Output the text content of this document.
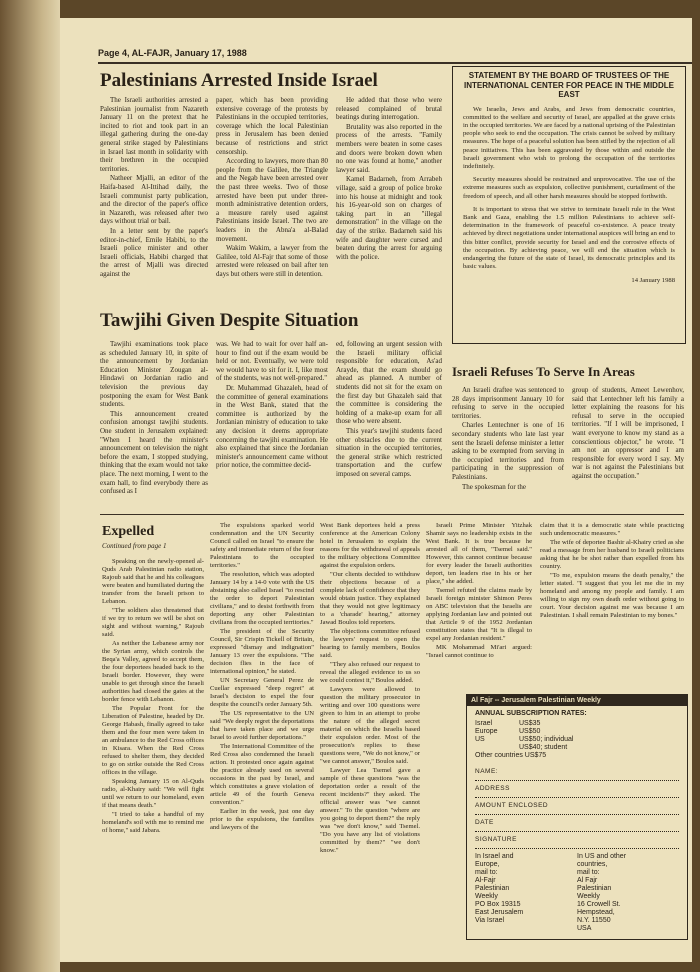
Page 4, AL-FAJR, January 17, 1988
Palestinians Arrested Inside Israel

The Israeli authorities arrested a Palestinian journalist from Nazareth January 11 on the pretext that he incited to riot and took part in an illegal gathering during the one-day general strike staged by Palestinians in Israel last month in solidarity with their brethren in the occupied territories.

Natheer Mjalli, an editor of the Haifa-based Al-Ittihad daily, the Israeli communist party publication, and the director of the paper's office in Nazareth, was released after two days without trial or bail.

In a letter sent by the paper's editor-in-chief, Emile Habibi, to the Israeli police minister and other Israeli officials, Habibi charged that the arrest of Mjalli was directed against the

paper, which has been providing extensive coverage of the protests by Palestinians in the occupied territories, coverage which the local Palestinian press in Jerusalem has been denied because of restrictions and strict censorship.

According to lawyers, more than 80 people from the Galilee, the Triangle and the Negab have been arrested over the past three weeks. Two of those arrested have been put under three-month administrative detention orders, a measure rarely used against Palestinians inside Israel. The two are leaders in the Abna'a al-Balad movement.

Wakim Wakim, a lawyer from the Galilee, told Al-Fajr that some of those arrested were released on bail after ten days but others were still in detention.

He added that those who were released complained of brutal beatings during interrogation.

Brutality was also reported in the process of the arrests. "Family members were beaten in some cases and doors were broken down when no one was found at home," another lawyer said.

Kamel Badarneh, from Arrabeh village, said a group of police broke into his house at midnight and took his 16-year-old son on charges of taking part in an "illegal demonstration" in the village on the day of the strike. Badarneh said his wife and daughter were cursed and beaten during the arrest for arguing with the police.

STATEMENT BY THE BOARD OF TRUSTEES OF THE INTERNATIONAL CENTER FOR PEACE IN THE MIDDLE EAST

We Israelis, Jews and Arabs, and Jews from democratic countries, committed to the welfare and security of Israel, are appalled at the grave crisis in the occupied territories. We are faced by a national uprising of the Palestinian people who seek to end the occupation. The crisis cannot be solved by military measures. The hope of a peaceful solution has been stifled by the rejection of all peace initiatives. This has been aggravated by those within and outside the Israeli government who wish to prolong the occupation of the territories indefinitely.

Security measures should be restrained and unprovocative. The use of the extreme measures such as expulsion, collective punishment, curtailment of the freedom of speech, and all other harsh measures should be stopped forthwith.

It is important to stress that we strive to terminate Israeli rule in the West Bank and Gaza, enabling the 1.5 million Palestinians to achieve self-determination in the framework of peaceful co-existence. A peace treaty achieved by direct negotiations under international auspices will bring an end to this bitter conflict, provide security for Israel and end the corrosive effects of the occupation. By achieving peace, we will end the situation which is endangering the future of the state of Israel, its democratic principles and its basic values.

14 January 1988
Tawjihi Given Despite Situation

Tawjihi examinations took place as scheduled January 10, in spite of the announcement by Jordanian Education Minister Zougan al-Hindawi on Jordanian radio and television the previous day postponing the exam for West Bank students.

This announcement created confusion amongst tawjihi students. One student in Jerusalem explained: "When I heard the minister's announcement on television the night before the exam, I stopped studying, thinking that the exam would not take place. The next morning, I went to the exam hall, to find everybody there as confused as I

was. We had to wait for over half an-hour to find out if the exam would be held or not. Eventually, we were told we would have to sit for it. I, like most of the students, was not well-prepared."

Dr. Muhammad Ghazaleh, head of the committee of general examinations in the West Bank, stated that the committee is authorized by the Jordanian ministry of education to take any decision it deems appropriate concerning the tawjihi examination. He also explained that since the Jordanian minister's announcement came without prior notice, the committee decid-

ed, following an urgent session with the Israeli military official responsible for education, As'ad Arayde, that the exam should go ahead as planned. A number of students did not sit for the exam on the first day but Ghazaleh said that the committee is considering the holding of a make-up exam for all those who were absent.

This year's tawjihi students faced other obstacles due to the current situation in the occupied territories, the general strike which restricted transportation and the curfew imposed on several camps.

Israeli Refuses To Serve In Areas

An Israeli draftee was sentenced to 28 days imprisonment January 10 for refusing to serve in the occupied territories.

Charles Lentechner is one of 16 secondary students who late last year sent the Israeli defense minister a letter asking to be exempted from serving in the occupied territories and from participating in the suppression of Palestinians.

The spokesman for the

group of students, Ameet Lewenhov, said that Lentechner left his family a letter explaining the reasons for his refusal to serve in the occupied territories. "If I will be imprisoned, I want everyone to know my stand as a conscientious objector," he wrote. "I am not an oppressor and I am responsible for every word I say. My war is not against the Palestinians but against the occupation."

Expelled
Continued from page 1

Speaking on the newly-opened al-Quds Arab Palestinian radio station, Rajoub said that he and his colleagues were beaten and humiliated during the transfer from the Israeli prison to Lebanon.

"The soldiers also threatened that if we try to return we will be shot on sight and without warning," Rajoub said.

As neither the Lebanese army nor the Syrian army, which controls the Beqa'a Valley, agreed to accept them, the four deportees headed back to the Israeli border. However, they were unable to get through since the Israeli authorities had closed the gates at the border fence with Lebanon.

The Popular Front for the Liberation of Palestine, headed by Dr. George Habash, finally agreed to take them and the four men were taken in an ambulance to the Red Cross offices in Kisara. When the Red Cross refused to shelter them, they decided to go on strike outside the Red Cross offices in the village.

Speaking January 15 on Al-Quds radio, al-Khairy said: "We will fight until we return to our homeland, even if that means death."

"I tried to take a handful of my homeland's soil with me to remind me of home," said Jabara.

The expulsions sparked world condemnation and the UN Security Council called on Israel "to ensure the safety and immediate return of the four Palestinians to the occupied territories."

The resolution, which was adopted January 14 by a 14-0 vote with the US abstaining also called Israel "to rescind the order to deport Palestinian civilians," and to desist forthwith from deporting any other Palestinian civilians from the occupied territories."

The president of the Security Council, Sir Crispin Tickell of Britain, expressed "dismay and indignation" January 13 over the expulsions. "The decision flies in the face of international opinion," he stated.

UN Secretary General Perez de Cuellar expressed "deep regret" at Israel's decision to expel the four despite the council's order January 5th.

The US representative to the UN said "We deeply regret the deportations that have taken place and we urge Israel to avoid further deportations."

The International Committee of the Red Cross also condemned the Israeli action. It protested once again against the practice already used on several occasions in the past by Israel, and which constitutes a grave violation of article 49 of the fourth Geneva convention."

Earlier in the week, just one day prior to the expulsions, the families and lawyers of the

West Bank deportees held a press conference at the American Colony hotel in Jerusalem to explain the reasons for the withdrawal of appeals to the military objections Committee against the expulsion orders.

"Our clients decided to withdraw their objections because of a complete lack of confidence that they would obtain justice. They explained that they would not give legitimacy to a 'charade' hearing," attorney Jawad Boulos told reporters.

The objections committee refused the lawyers' request to open the hearing to family members, Boulos said.

"They also refused our request to reveal the alleged evidence to us so we could contest it," Boulos added.

Lawyers were allowed to question the military prosecutor in writing and over 100 questions were given to him in an attempt to probe the nature of the alleged secret material on which the Israelis based their expulsion order. Most of the prosecution's replies to these questions were, "We do not know," or "we cannot answer," Boulos said.

Lawyer Lea Tsemel gave a sample of these questions "was the deportation order a result of the recent incidents?" they asked. The official answer was "we cannot answer." To the question "where are you going to deport them?" the reply was "we don't know," said Tsemel. "Do you have any list of violations committed by them?" "we don't know."

Israeli Prime Minister Yitzhak Shamir says no leadership exists in the West Bank. It is true because he arrested all of them, "Tsemel said." However, this cannot continue because for every leader the Israeli authorities deport, ten leaders rise in his or her place," she added.

Tsemel refuted the claims made by Israeli foreign minister Shimon Peres on ABC television that the Israelis are applying Jordanian law and pointed out that Article 9 of the 1952 Jordanian constitution states that "It is illegal to expel any Jordanian resident."

MK Mohammad Mi'ari argued: "Israel cannot continue to

claim that it is a democratic state while practicing such undemocratic measures."

The wife of deportee Bashir al-Khairy cried as she read a message from her husband to Israeli politicians asking that he be shot rather than expelled from his country.

"To me, expulsion means the death penalty," the letter stated. "I suggest that you let me die in my homeland and among my people and family. I am willing to sign my own death order without going to court. Your decision against me was because I am Palestinian. I shall remain Palestinian to my bones."

Al Fajr -- Jerusalem Palestinian Weekly
ANNUAL SUBSCRIPTION RATES:
Israel	US$35
Europe	US$50
US	US$50; individual
US$40; student
Other countries US$75
NAME:
ADDRESS
AMOUNT ENCLOSED
DATE
SIGNATURE
In Israel and Europe,
mail to:
Al-Fajr Palestinian Weekly
PO Box 19315
East Jerusalem
Via Israel
In US and other countries,
mail to:
Al Fajr Palestinian Weekly
16 Crowell St.
Hempstead, N.Y. 11550
USA
